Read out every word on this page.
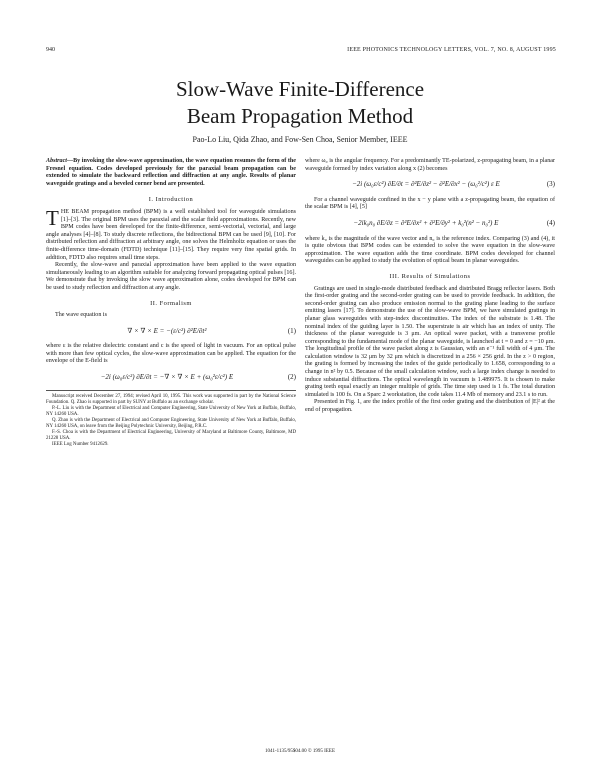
940	IEEE PHOTONICS TECHNOLOGY LETTERS, VOL. 7, NO. 8, AUGUST 1995
Slow-Wave Finite-Difference
Beam Propagation Method
Pao-Lo Liu, Qida Zhao, and Fow-Sen Choa, Senior Member, IEEE
Abstract—By invoking the slow-wave approximation, the wave equation resumes the form of the Fresnel equation. Codes developed previously for the paraxial beam propagation can be extended to simulate the backward reflection and diffraction at any angle. Results of planar waveguide gratings and a beveled corner bend are presented.
I. Introduction

THE BEAM propagation method (BPM) is a well established tool for waveguide simulations [1]–[3]. The original BPM uses the paraxial and the scalar field approximations. Recently, new BPM codes have been developed for the finite-difference, semi-vectorial, vectorial, and large angle analyses [4]–[8]. To study discrete reflections, the bidirectional BPM can be used [9], [10]. For distributed reflection and diffraction at arbitrary angle, one solves the Helmholtz equation or uses the finite-difference time-domain (FDTD) technique [11]–[15]. They require very fine spatial grids. In addition, FDTD also requires small time steps.

Recently, the slow-wave and paraxial approximation have been applied to the wave equation simultaneously leading to an algorithm suitable for analyzing forward propagating optical pulses [16]. We demonstrate that by invoking the slow wave approximation alone, codes developed for BPM can be used to study reflection and diffraction at any angle.

II. Formalism

The wave equation is

∇ × ∇ × E = −(ε/c²) ∂²E/∂t²	(1)

where ε is the relative dielectric constant and c is the speed of light in vacuum. For an optical pulse with more than few optical cycles, the slow-wave approximation can be applied. The equation for the envelope of the E-field is

−2i (ω₀ε/c²) ∂E/∂t = −∇ × ∇ × E + (ω₀²ε/c²) E	(2)
Manuscript received December 27, 1994; revised April 10, 1995. This work was supported in part by the National Science Foundation. Q. Zhao is supported in part by SUNY at Buffalo as an exchange scholar.
P.-L. Liu is with the Department of Electrical and Computer Engineering, State University of New York at Buffalo, Buffalo, NY 14260 USA.
Q. Zhao is with the Department of Electrical and Computer Engineering, State University of New York at Buffalo, Buffalo, NY 14260 USA, on leave from the Beijing Polytechnic University, Beijing, P.R.C.
F.-S. Choa is with the Department of Electrical Engineering, University of Maryland at Baltimore County, Baltimore, MD 21228 USA.
IEEE Log Number 9412629.

where ω₀ is the angular frequency. For a predominantly TE-polarized, z-propagating beam, in a planar waveguide formed by index variation along x (2) becomes

−2i (ω₀ε/c²) ∂E/∂t = ∂²E/∂z² − ∂²E/∂x² − (ω₀²/c²) ε E	(3)

For a channel waveguide confined in the x − y plane with a z-propagating beam, the equation of the scalar BPM is [4], [5]

−2ik₀n₀ ∂E/∂z = ∂²E/∂x² + ∂²E/∂y² + k₀²(n² − n₀²) E	(4)

where k₀ is the magnitude of the wave vector and n₀ is the reference index. Comparing (3) and (4), it is quite obvious that BPM codes can be extended to solve the wave equation in the slow-wave approximation. The wave equation adds the time coordinate. BPM codes developed for channel waveguides can be applied to study the evolution of optical beam in planar waveguides.

III. Results of Simulations

Gratings are used in single-mode distributed feedback and distributed Bragg reflector lasers. Both the first-order grating and the second-order grating can be used to provide feedback. In addition, the second-order grating can also produce emission normal to the grating plane leading to the surface emitting lasers [17]. To demonstrate the use of the slow-wave BPM, we have simulated gratings in planar glass waveguides with step-index discontinuities. The index of the substrate is 1.48. The nominal index of the guiding layer is 1.50. The superstrate is air which has an index of unity. The thickness of the planar waveguide is 3 μm. An optical wave packet, with a transverse profile corresponding to the fundamental mode of the planar waveguide, is launched at t = 0 and z = −10 μm. The longitudinal profile of the wave packet along z is Gaussian, with an e⁻¹ full width of 4 μm. The calculation window is 32 μm by 32 μm which is discretized in a 256 × 256 grid. In the z > 0 region, the grating is formed by increasing the index of the guide periodically to 1.658, corresponding to a change in n² by 0.5. Because of the small calculation window, such a large index change is needed to induce substantial diffractions. The optical wavelength in vacuum is 1.489975. It is chosen to make grating teeth equal exactly an integer multiple of grids. The time step used is 1 fs. The total duration simulated is 100 fs. On a Sparc 2 workstation, the code takes 11.4 Mb of memory and 23.1 s to run.

Presented in Fig. 1, are the index profile of the first order grating and the distribution of |E|² at the end of propagation.

1041-1135/95$04.00 © 1995 IEEE
